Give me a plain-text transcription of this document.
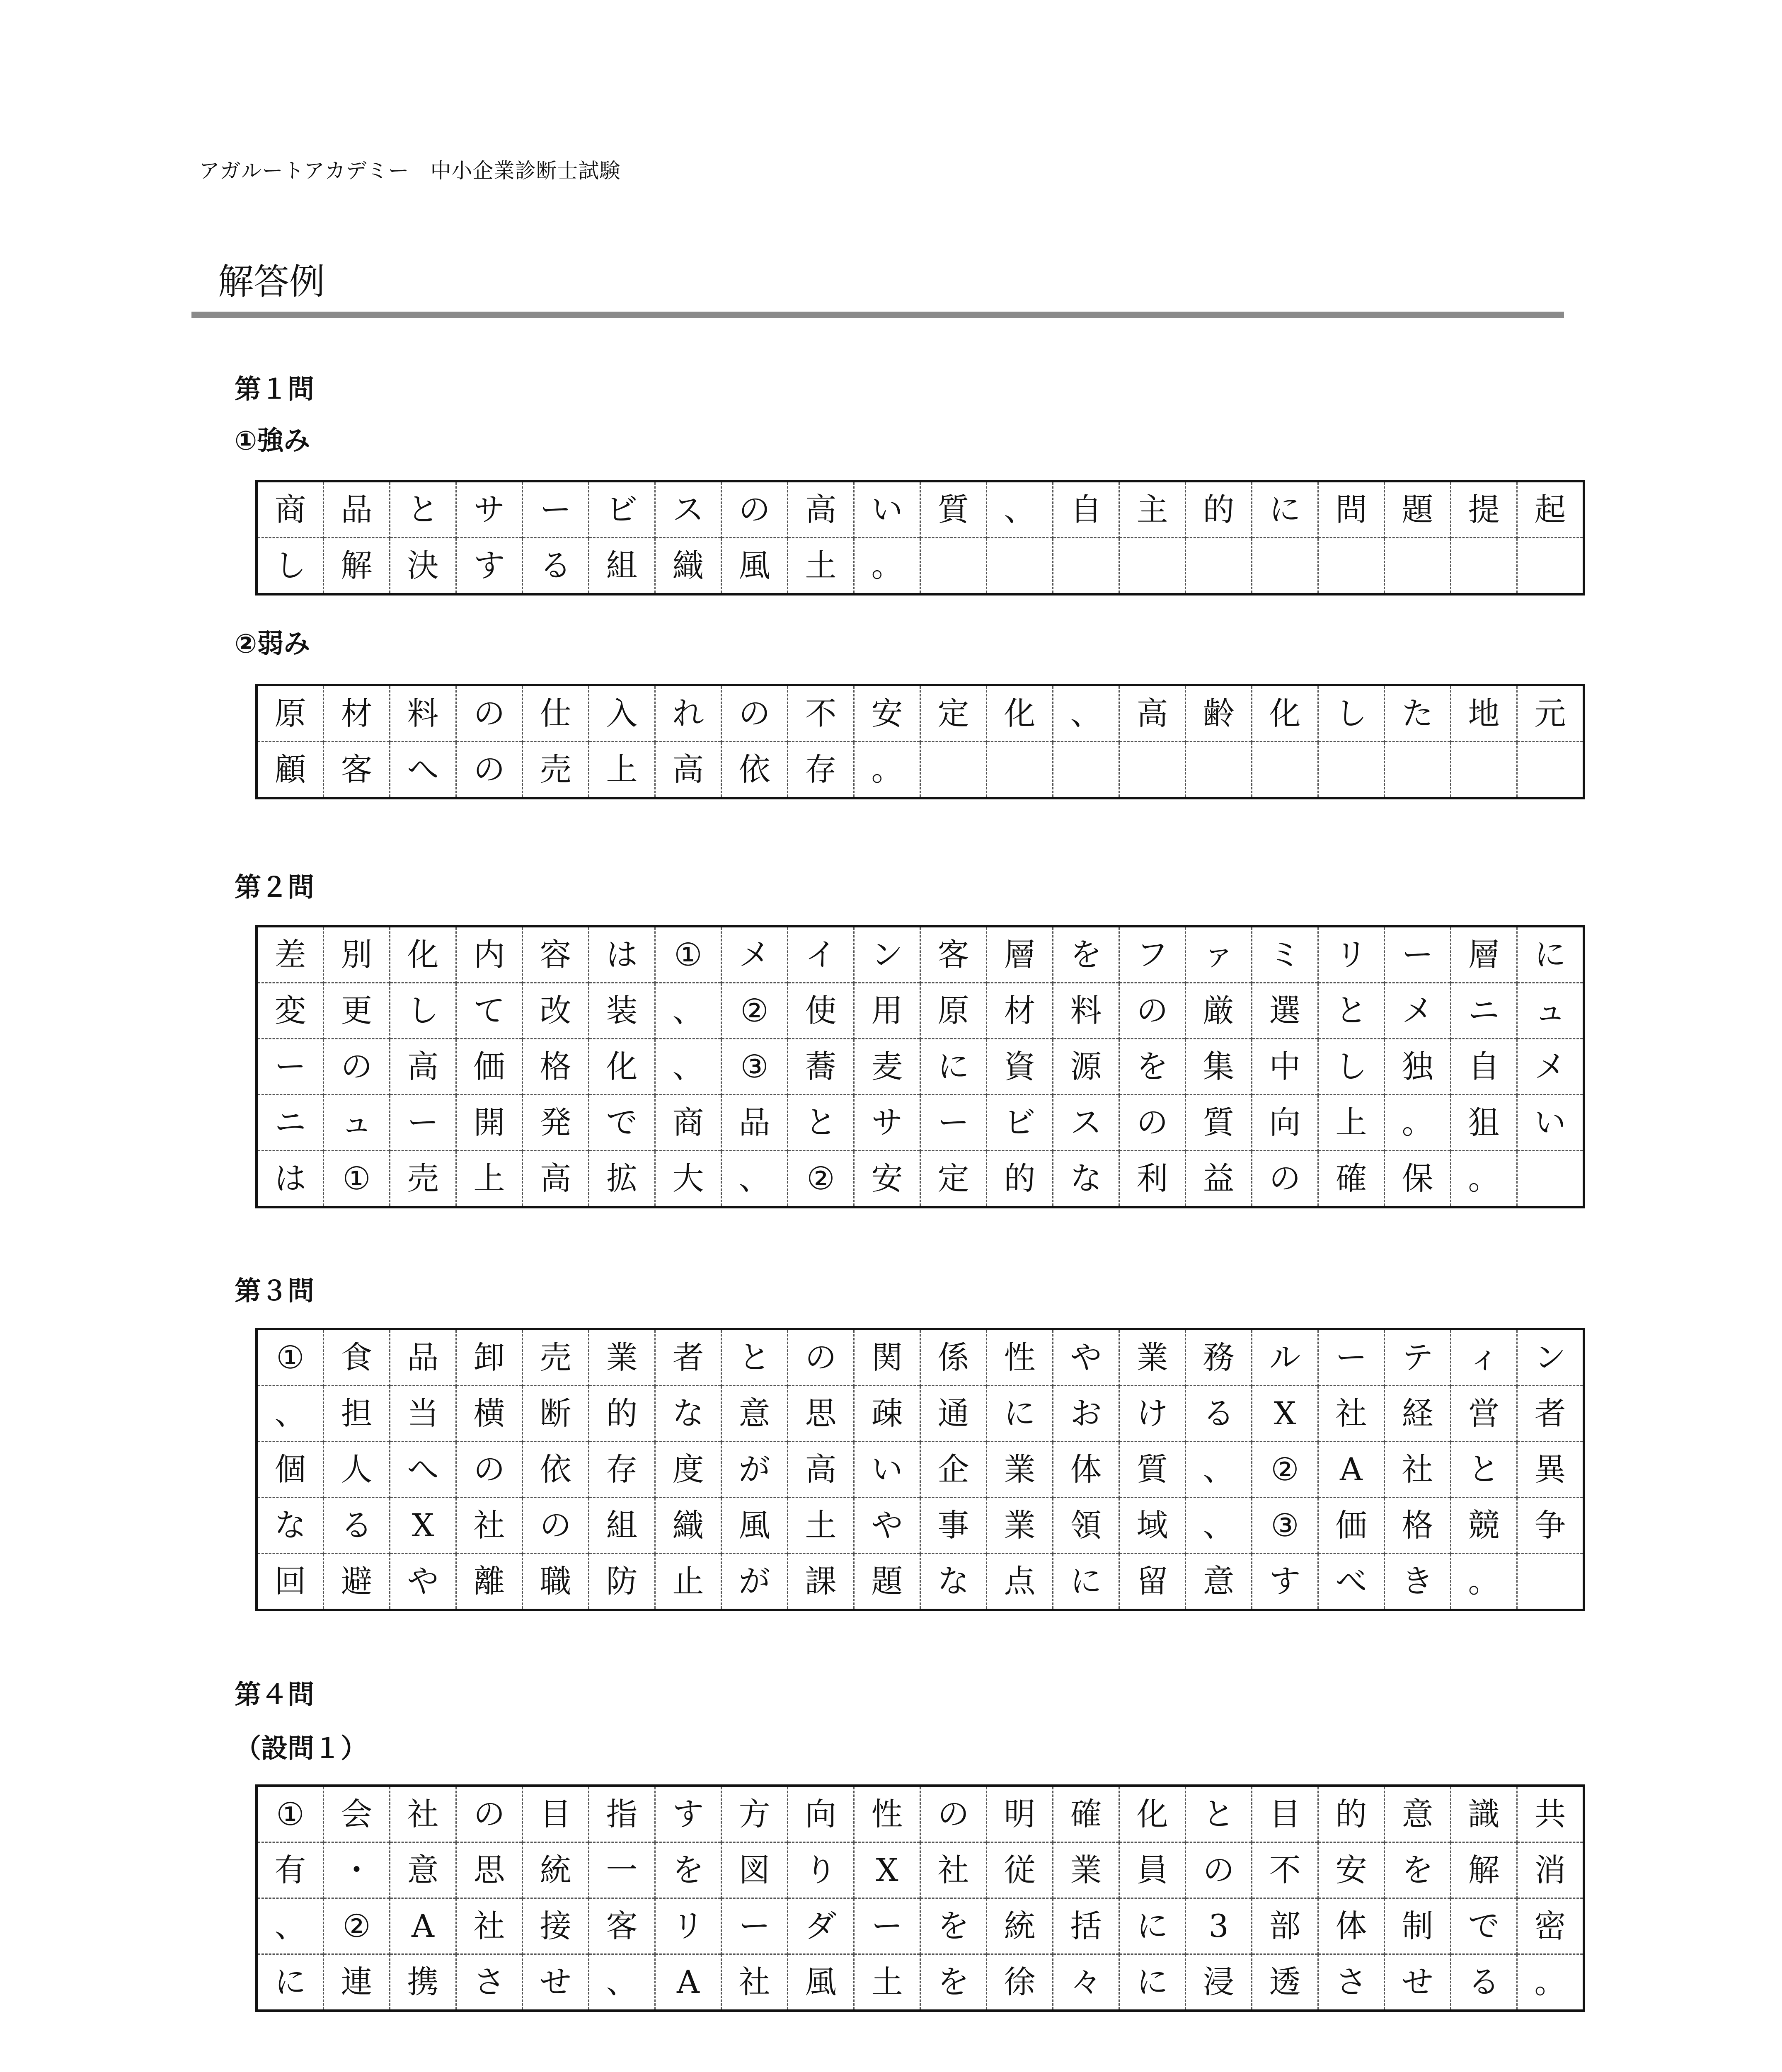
アガルートアカデミー　中小企業診断士試験
解答例
第１問
①強み
商	品	と	サ	ー	ビ	ス	の	高	い	質	、	自	主	的	に	問	題	提	起
し	解	決	す	る	組	織	風	土	。										
②弱み
原	材	料	の	仕	入	れ	の	不	安	定	化	、	高	齢	化	し	た	地	元
顧	客	へ	の	売	上	高	依	存	。										
第２問
差	別	化	内	容	は	①	メ	イ	ン	客	層	を	フ	ァ	ミ	リ	ー	層	に
変	更	し	て	改	装	、	②	使	用	原	材	料	の	厳	選	と	メ	ニ	ュ
ー	の	高	価	格	化	、	③	蕎	麦	に	資	源	を	集	中	し	独	自	メ
ニ	ュ	ー	開	発	で	商	品	と	サ	ー	ビ	ス	の	質	向	上	。	狙	い
は	①	売	上	高	拡	大	、	②	安	定	的	な	利	益	の	確	保	。	
第３問
①	食	品	卸	売	業	者	と	の	関	係	性	や	業	務	ル	ー	テ	ィ	ン
、	担	当	横	断	的	な	意	思	疎	通	に	お	け	る	X	社	経	営	者
個	人	へ	の	依	存	度	が	高	い	企	業	体	質	、	②	A	社	と	異
な	る	X	社	の	組	織	風	土	や	事	業	領	域	、	③	価	格	競	争
回	避	や	離	職	防	止	が	課	題	な	点	に	留	意	す	べ	き	。	
第４問
（設問１）
①	会	社	の	目	指	す	方	向	性	の	明	確	化	と	目	的	意	識	共
有	・	意	思	統	一	を	図	り	X	社	従	業	員	の	不	安	を	解	消
、	②	A	社	接	客	リ	ー	ダ	ー	を	統	括	に	3	部	体	制	で	密
に	連	携	さ	せ	、	A	社	風	土	を	徐	々	に	浸	透	さ	せ	る	。
